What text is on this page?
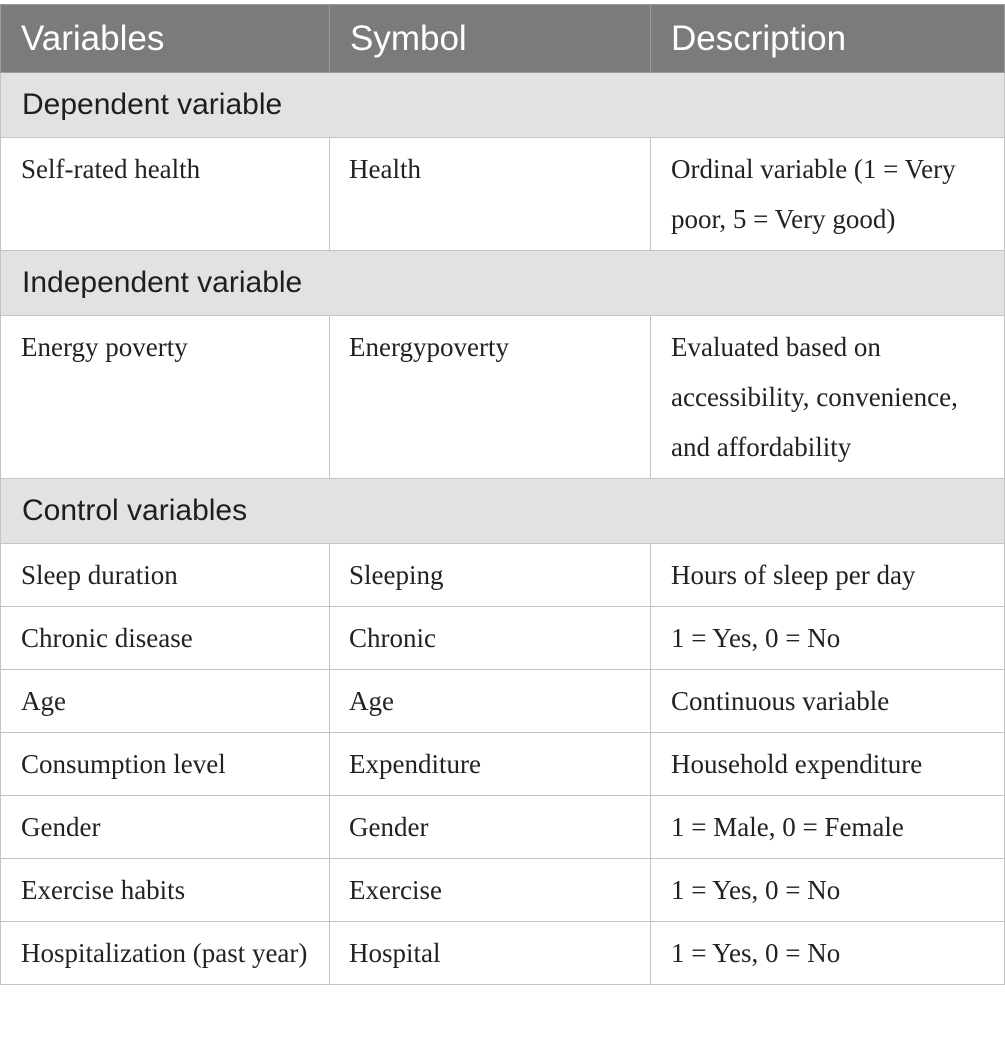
Variables	Symbol	Description
Dependent variable		
Self-rated health	Health	Ordinal variable (1 = Very poor, 5 = Very good)
Independent variable		
Energy poverty	Energypoverty	Evaluated based on accessibility, convenience, and affordability
Control variables		
Sleep duration	Sleeping	Hours of sleep per day
Chronic disease	Chronic	1 = Yes, 0 = No
Age	Age	Continuous variable
Consumption level	Expenditure	Household expenditure
Gender	Gender	1 = Male, 0 = Female
Exercise habits	Exercise	1 = Yes, 0 = No
Hospitalization (past year)	Hospital	1 = Yes, 0 = No
